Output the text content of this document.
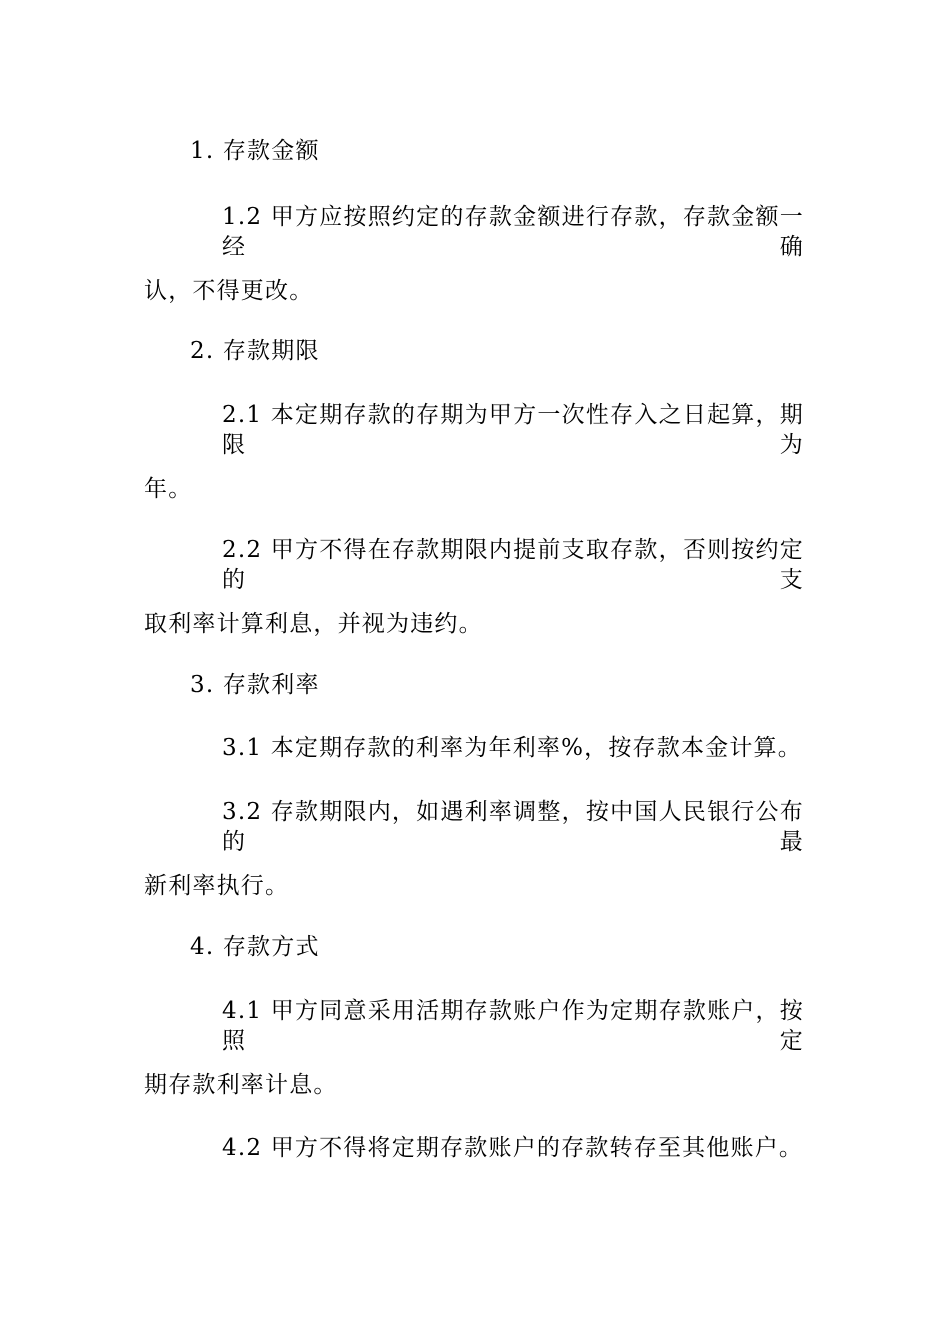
1. 存款金额
1.2 甲方应按照约定的存款金额进行存款，存款金额一经确
认，不得更改。
2. 存款期限
2.1 本定期存款的存期为甲方一次性存入之日起算，期限为
年。
2.2 甲方不得在存款期限内提前支取存款，否则按约定的支
取利率计算利息，并视为违约。
3. 存款利率
3.1 本定期存款的利率为年利率%，按存款本金计算。
3.2 存款期限内，如遇利率调整，按中国人民银行公布的最
新利率执行。
4. 存款方式
4.1 甲方同意采用活期存款账户作为定期存款账户，按照定
期存款利率计息。
4.2 甲方不得将定期存款账户的存款转存至其他账户。
